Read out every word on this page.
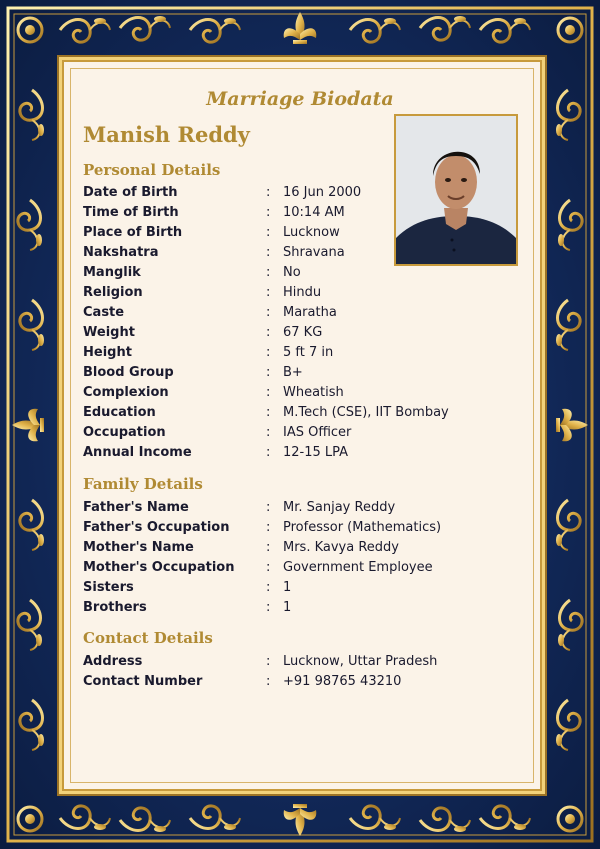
Marriage Biodata
Manish Reddy
Personal Details
Date of Birth	: 16 Jun 2000
Time of Birth	: 10:14 AM
Place of Birth	: Lucknow
Nakshatra	: Shravana
Manglik	: No
Religion	: Hindu
Caste	: Maratha
Weight	: 67 KG
Height	: 5 ft 7 in
Blood Group	: B+
Complexion	: Wheatish
Education	: M.Tech (CSE), IIT Bombay
Occupation	: IAS Officer
Annual Income	: 12-15 LPA
Family Details
Father's Name	: Mr. Sanjay Reddy
Father's Occupation	: Professor (Mathematics)
Mother's Name	: Mrs. Kavya Reddy
Mother's Occupation	: Government Employee
Sisters	: 1
Brothers	: 1
Contact Details
Address	: Lucknow, Uttar Pradesh
Contact Number	: +91 98765 43210
